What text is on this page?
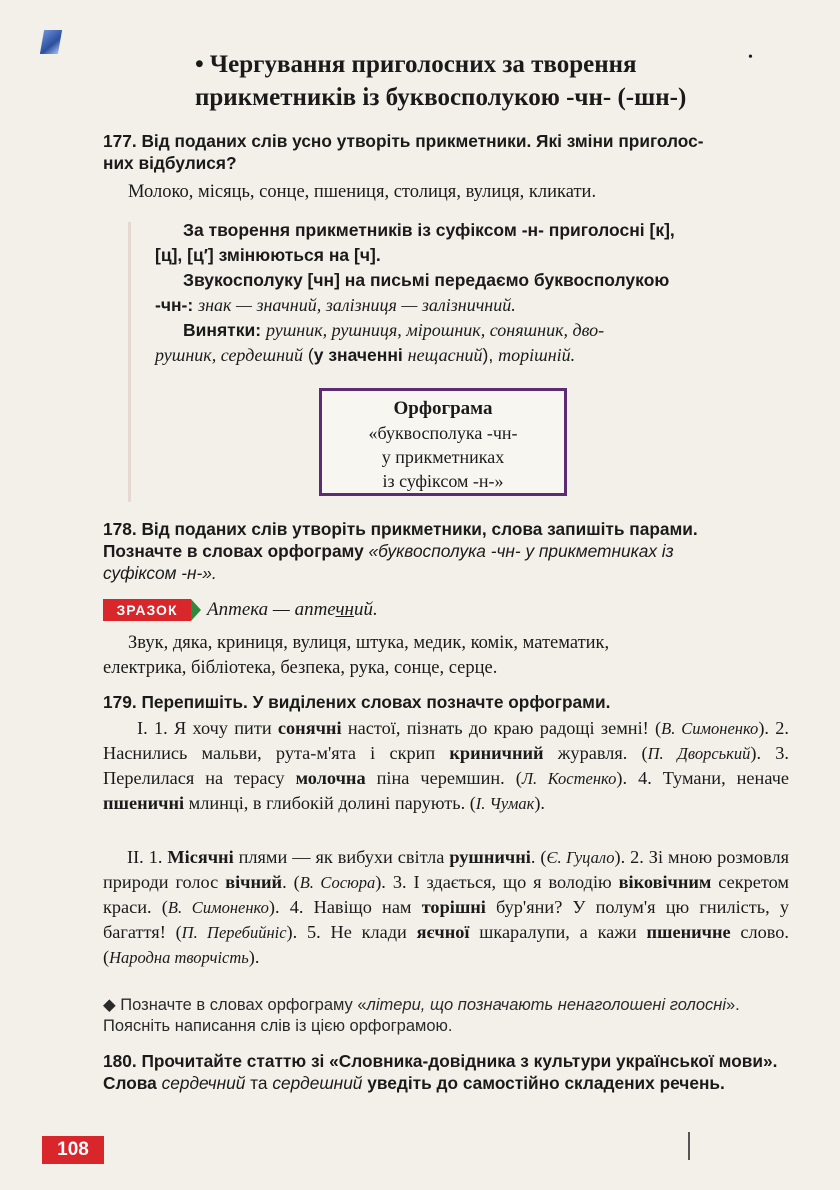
•
• Чергування приголосних за творення
прикметників із буквосполукою -чн- (-шн-)
177. Від поданих слів усно утворіть прикметники. Які зміни приголос-
них відбулися?
Молоко, місяць, сонце, пшениця, столиця, вулиця, кликати.

За творення прикметників із суфіксом -н- приголосні [к],

[ц], [ц′] змінюються на [ч].

Звукосполуку [чн] на письмі передаємо буквосполукою

-чн-: знак — значний, залізниця — залізничний.

Винятки: рушник, рушниця, мірошник, соняшник, дво-

рушник, сердешний (у значенні нещасний), торішній.

Орфограма
«буквосполука -чн-
у прикметниках
із суфіксом -н-»
178. Від поданих слів утворіть прикметники, слова запишіть парами.
Позначте в словах орфограму «буквосполука -чн- у прикметниках із
суфіксом -н-».
ЗРАЗОК	Аптека — аптечний.
Звук, дяка, криниця, вулиця, штука, медик, комік, математик,
електрика, бібліотека, безпека, рука, сонце, серце.
179. Перепишіть. У виділених словах позначте орфограми.

I. 1. Я хочу пити сонячні настої, пізнать до краю радощі земні! (В. Симоненко). 2. Наснились мальви, рута-м'ята і скрип криничний журавля. (П. Дворський). 3. Перелилася на терасу молочна піна черемшин. (Л. Костенко). 4. Тумани, неначе пшеничні млинці, в глибокій долині парують. (І. Чумак).

II. 1. Місячні плями — як вибухи світла рушничні. (Є. Гуцало). 2. Зі мною розмовля природи голос вічний. (В. Сосюра). 3. І здається, що я володію віковічним секретом краси. (В. Симоненко). 4. Навіщо нам торішні бур'яни? У полум'я цю гнилість, у багаття! (П. Перебийніс). 5. Не клади яєчної шкаралупи, а кажи пшеничне слово. (Народна творчість).

◆ Позначте в словах орфограму «літери, що позначають ненаголошені голосні». Поясніть написання слів із цією орфограмою.
180. Прочитайте статтю зі «Словника-довідника з культури української мови». Слова сердечний та сердешний уведіть до самостійно складених речень.
108
